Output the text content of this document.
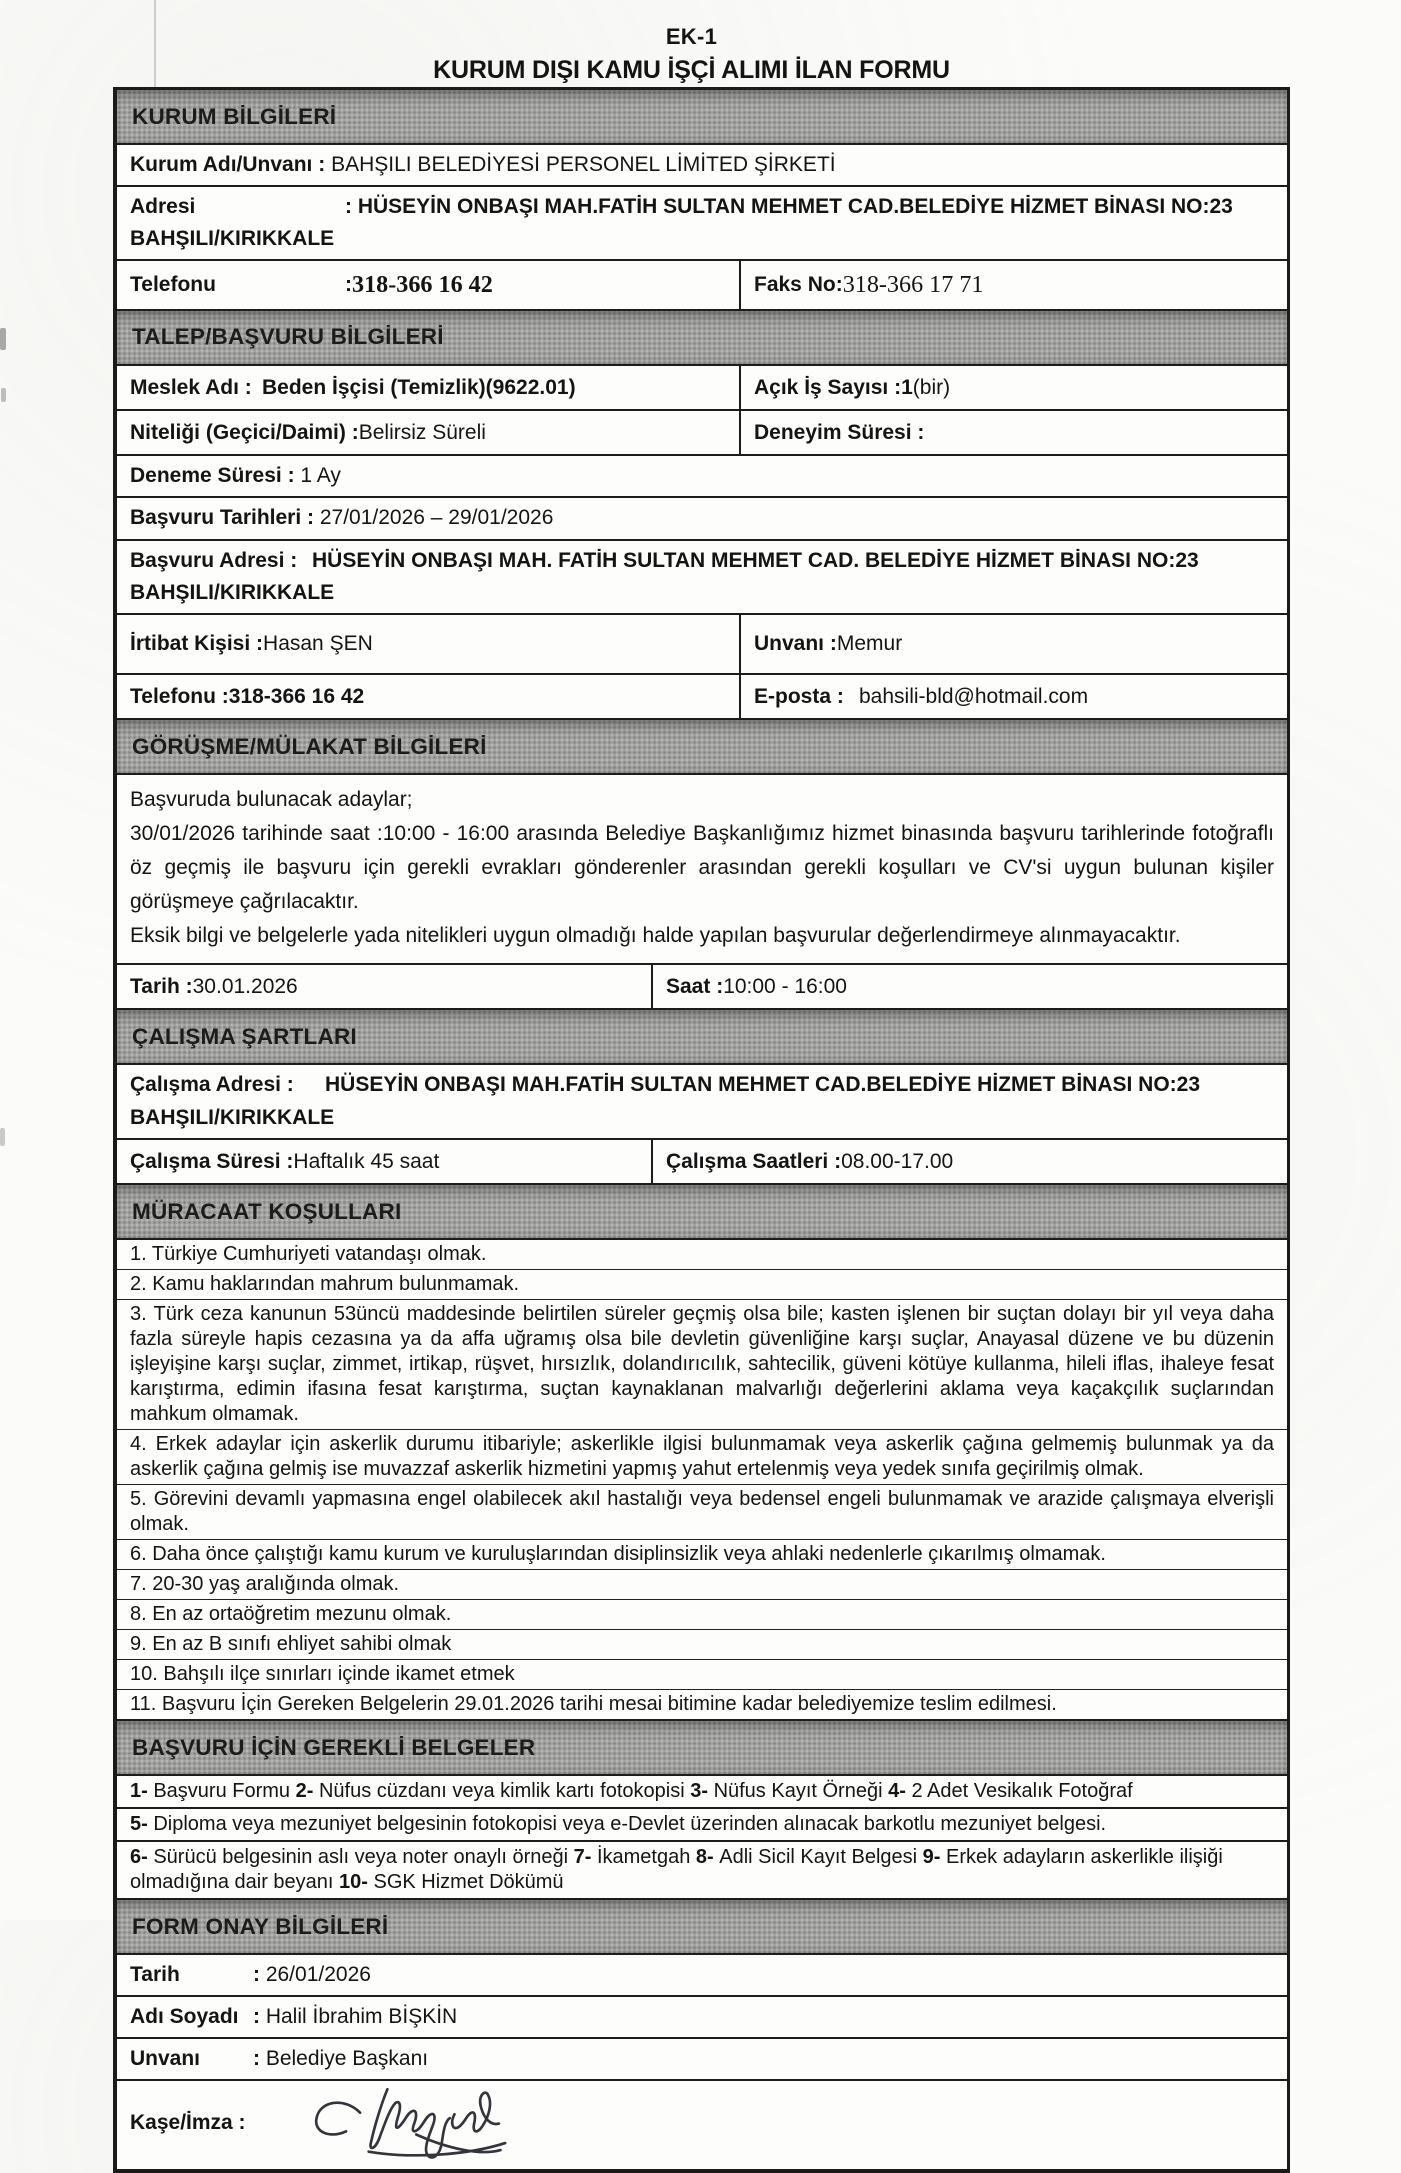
EK-1
KURUM DIŞI KAMU İŞÇİ ALIMI İLAN FORMU
KURUM BİLGİLERİ
Kurum Adı/Unvanı : BAHŞILI BELEDİYESİ PERSONEL LİMİTED ŞİRKETİ
Adresi	: HÜSEYİN ONBAŞI MAH.FATİH SULTAN MEHMET CAD.BELEDİYE HİZMET BİNASI NO:23
BAHŞILI/KIRIKKALE
Telefonu	: 318-366 16 42	Faks No: 318-366 17 71
TALEP/BAŞVURU BİLGİLERİ
Meslek Adı : Beden İşçisi (Temizlik)(9622.01)	Açık İş Sayısı : 1 (bir)
Niteliği (Geçici/Daimi) : Belirsiz Süreli	Deneyim Süresi :
Deneme Süresi : 1 Ay
Başvuru Tarihleri : 27/01/2026 – 29/01/2026
Başvuru Adresi : HÜSEYİN ONBAŞI MAH. FATİH SULTAN MEHMET CAD. BELEDİYE HİZMET BİNASI NO:23
BAHŞILI/KIRIKKALE
İrtibat Kişisi : Hasan ŞEN	Unvanı : Memur
Telefonu : 318-366 16 42	E-posta : bahsili-bld@hotmail.com
GÖRÜŞME/MÜLAKAT BİLGİLERİ
Başvuruda bulunacak adaylar;
30/01/2026 tarihinde saat :10:00 - 16:00 arasında Belediye Başkanlığımız hizmet binasında başvuru tarihlerinde fotoğraflı öz geçmiş ile başvuru için gerekli evrakları gönderenler arasından gerekli koşulları ve CV'si uygun bulunan kişiler görüşmeye çağrılacaktır.
Eksik bilgi ve belgelerle yada nitelikleri uygun olmadığı halde yapılan başvurular değerlendirmeye alınmayacaktır.
Tarih : 30.01.2026	Saat : 10:00 - 16:00
ÇALIŞMA ŞARTLARI
Çalışma Adresi : HÜSEYİN ONBAŞI MAH.FATİH SULTAN MEHMET CAD.BELEDİYE HİZMET BİNASI NO:23
BAHŞILI/KIRIKKALE
Çalışma Süresi : Haftalık 45 saat	Çalışma Saatleri : 08.00-17.00
MÜRACAAT KOŞULLARI
1. Türkiye Cumhuriyeti vatandaşı olmak.
2. Kamu haklarından mahrum bulunmamak.
3. Türk ceza kanunun 53üncü maddesinde belirtilen süreler geçmiş olsa bile; kasten işlenen bir suçtan dolayı bir yıl veya daha fazla süreyle hapis cezasına ya da affa uğramış olsa bile devletin güvenliğine karşı suçlar, Anayasal düzene ve bu düzenin işleyişine karşı suçlar, zimmet, irtikap, rüşvet, hırsızlık, dolandırıcılık, sahtecilik, güveni kötüye kullanma, hileli iflas, ihaleye fesat karıştırma, edimin ifasına fesat karıştırma, suçtan kaynaklanan malvarlığı değerlerini aklama veya kaçakçılık suçlarından mahkum olmamak.
4. Erkek adaylar için askerlik durumu itibariyle; askerlikle ilgisi bulunmamak veya askerlik çağına gelmemiş bulunmak ya da askerlik çağına gelmiş ise muvazzaf askerlik hizmetini yapmış yahut ertelenmiş veya yedek sınıfa geçirilmiş olmak.
5. Görevini devamlı yapmasına engel olabilecek akıl hastalığı veya bedensel engeli bulunmamak ve arazide çalışmaya elverişli olmak.
6. Daha önce çalıştığı kamu kurum ve kuruluşlarından disiplinsizlik veya ahlaki nedenlerle çıkarılmış olmamak.
7. 20-30 yaş aralığında olmak.
8. En az ortaöğretim mezunu olmak.
9. En az B sınıfı ehliyet sahibi olmak
10. Bahşılı ilçe sınırları içinde ikamet etmek
11. Başvuru İçin Gereken Belgelerin 29.01.2026 tarihi mesai bitimine kadar belediyemize teslim edilmesi.
BAŞVURU İÇİN GEREKLİ BELGELER
1- Başvuru Formu 2- Nüfus cüzdanı veya kimlik kartı fotokopisi 3- Nüfus Kayıt Örneği 4- 2 Adet Vesikalık Fotoğraf
5- Diploma veya mezuniyet belgesinin fotokopisi veya e-Devlet üzerinden alınacak barkotlu mezuniyet belgesi.
6- Sürücü belgesinin aslı veya noter onaylı örneği 7- İkametgah 8- Adli Sicil Kayıt Belgesi 9- Erkek adayların askerlikle ilişiği olmadığına dair beyanı 10- SGK Hizmet Dökümü
FORM ONAY BİLGİLERİ
Tarih	: 26/01/2026
Adı Soyadı: Halil İbrahim BİŞKİN
Unvanı	: Belediye Başkanı
Kaşe/İmza :
